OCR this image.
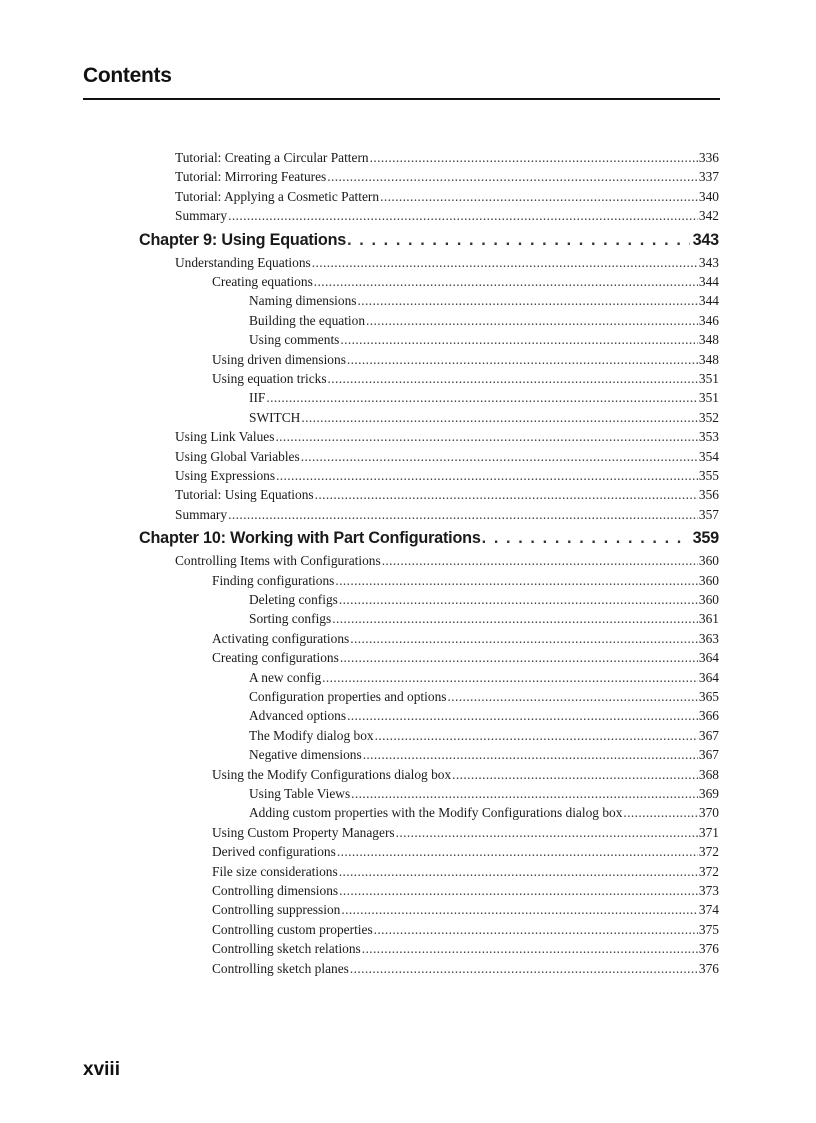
Contents
Tutorial: Creating a Circular Pattern .....	336
Tutorial: Mirroring Features .....	337
Tutorial: Applying a Cosmetic Pattern .....	340
Summary .....	342
Chapter 9: Using Equations . . .	343
Understanding Equations .....	343
Creating equations .....	344
Naming dimensions .....	344
Building the equation .....	346
Using comments .....	348
Using driven dimensions .....	348
Using equation tricks .....	351
IIF .....	351
SWITCH .....	352
Using Link Values .....	353
Using Global Variables .....	354
Using Expressions .....	355
Tutorial: Using Equations .....	356
Summary .....	357
Chapter 10: Working with Part Configurations . . .	359
Controlling Items with Configurations .....	360
Finding configurations .....	360
Deleting configs .....	360
Sorting configs .....	361
Activating configurations .....	363
Creating configurations .....	364
A new config .....	364
Configuration properties and options .....	365
Advanced options .....	366
The Modify dialog box .....	367
Negative dimensions .....	367
Using the Modify Configurations dialog box .....	368
Using Table Views .....	369
Adding custom properties with the Modify Configurations dialog box .....	370
Using Custom Property Managers .....	371
Derived configurations .....	372
File size considerations .....	372
Controlling dimensions .....	373
Controlling suppression .....	374
Controlling custom properties .....	375
Controlling sketch relations .....	376
Controlling sketch planes .....	376
xviii
